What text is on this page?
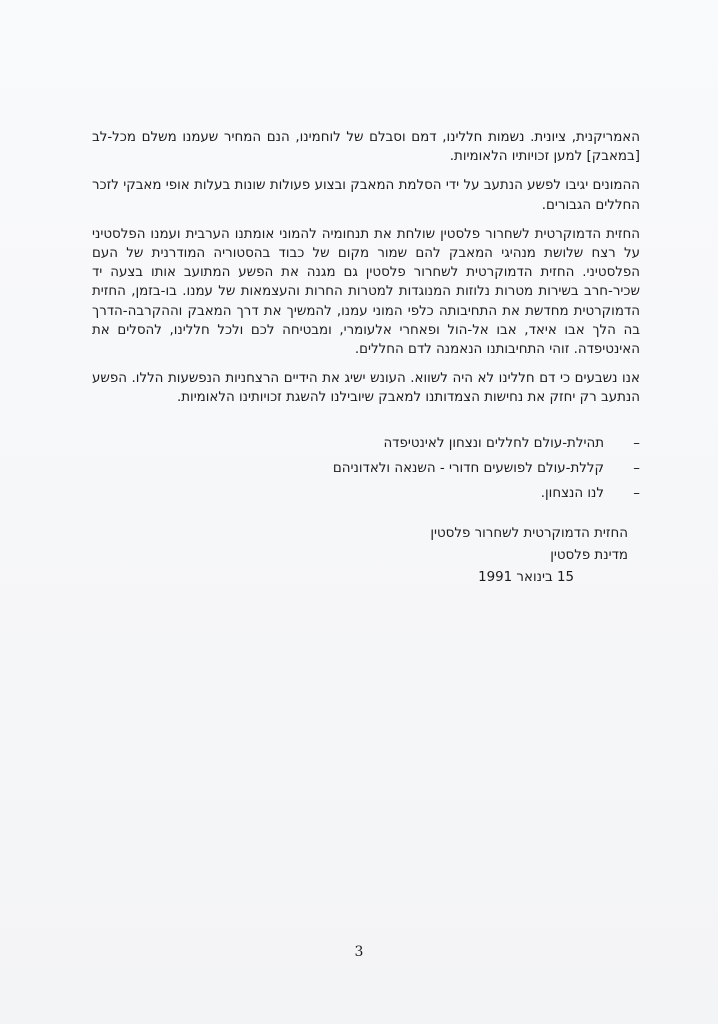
האמריקנית, ציונית. נשמות חללינו, דמם וסבלם של לוחמינו, הנם המחיר שעמנו משלם מכל-לב [במאבק] למען זכויותיו הלאומיות.

ההמונים יגיבו לפשע הנתעב על ידי הסלמת המאבק ובצוע פעולות שונות בעלות אופי מאבקי לזכר החללים הגבורים.

החזית הדמוקרטית לשחרור פלסטין שולחת את תנחומיה להמוני אומתנו הערבית ועמנו הפלסטיני על רצח שלושת מנהיגי המאבק להם שמור מקום של כבוד בהסטוריה המודרנית של העם הפלסטיני. החזית הדמוקרטית לשחרור פלסטין גם מגנה את הפשע המתועב אותו בצעה יד שכיר-חרב בשירות מטרות נלוזות המנוגדות למטרות החרות והעצמאות של עמנו. בו-בזמן, החזית הדמוקרטית מחדשת את התחיבותה כלפי המוני עמנו, להמשיך את דרך המאבק וההקרבה-הדרך בה הלך אבו איאד, אבו אל-הול ופאחרי אלעומרי, ומבטיחה לכם ולכל חללינו, להסלים את האינטיפדה. זוהי התחיבותנו הנאמנה לדם החללים.

אנו נשבעים כי דם חללינו לא היה לשווא. העונש ישיג את הידיים הרצחניות הנפשעות הללו. הפשע הנתעב רק יחזק את נחישות הצמדותנו למאבק שיובילנו להשגת זכויותינו הלאומיות.

– תהילת-עולם לחללים ונצחון לאינטיפדה
– קללת-עולם לפושעים חדורי - השנאה ולאדוניהם
– לנו הנצחון.
החזית הדמוקרטית לשחרור פלסטין
מדינת פלסטין
15 בינואר 1991
3
